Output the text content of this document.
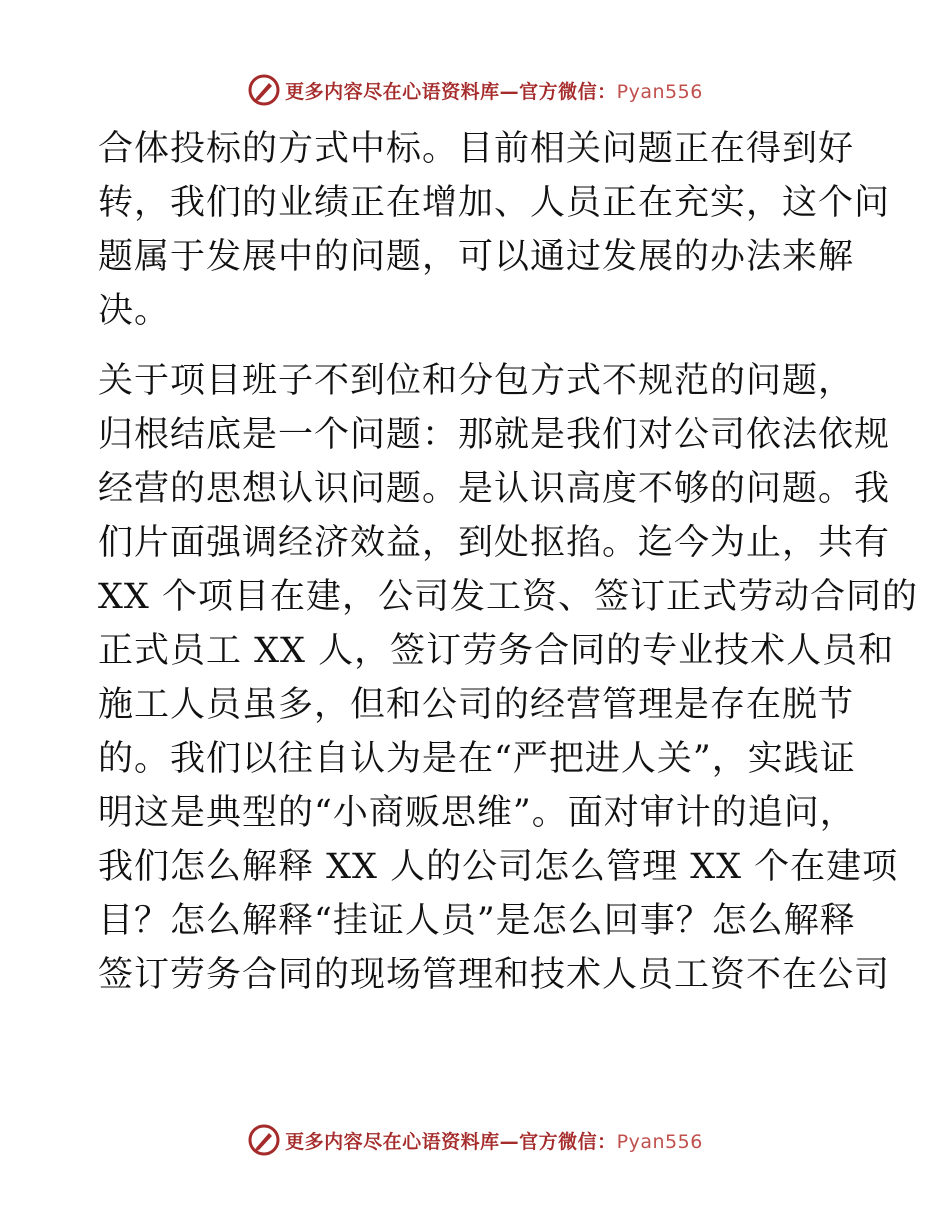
更多内容尽在心语资料库—官方微信：Pyan556
合体投标的方式中标。目前相关问题正在得到好
转，我们的业绩正在增加、人员正在充实，这个问
题属于发展中的问题，可以通过发展的办法来解
决。
关于项目班子不到位和分包方式不规范的问题，
归根结底是一个问题：那就是我们对公司依法依规
经营的思想认识问题。是认识高度不够的问题。我
们片面强调经济效益，到处抠掐。迄今为止，共有
XX 个项目在建，公司发工资、签订正式劳动合同的
正式员工 XX 人，签订劳务合同的专业技术人员和
施工人员虽多，但和公司的经营管理是存在脱节
的。我们以往自认为是在“严把进人关”，实践证
明这是典型的“小商贩思维”。面对审计的追问，
我们怎么解释 XX 人的公司怎么管理 XX 个在建项
目？怎么解释“挂证人员”是怎么回事？怎么解释
签订劳务合同的现场管理和技术人员工资不在公司
更多内容尽在心语资料库—官方微信：Pyan556
